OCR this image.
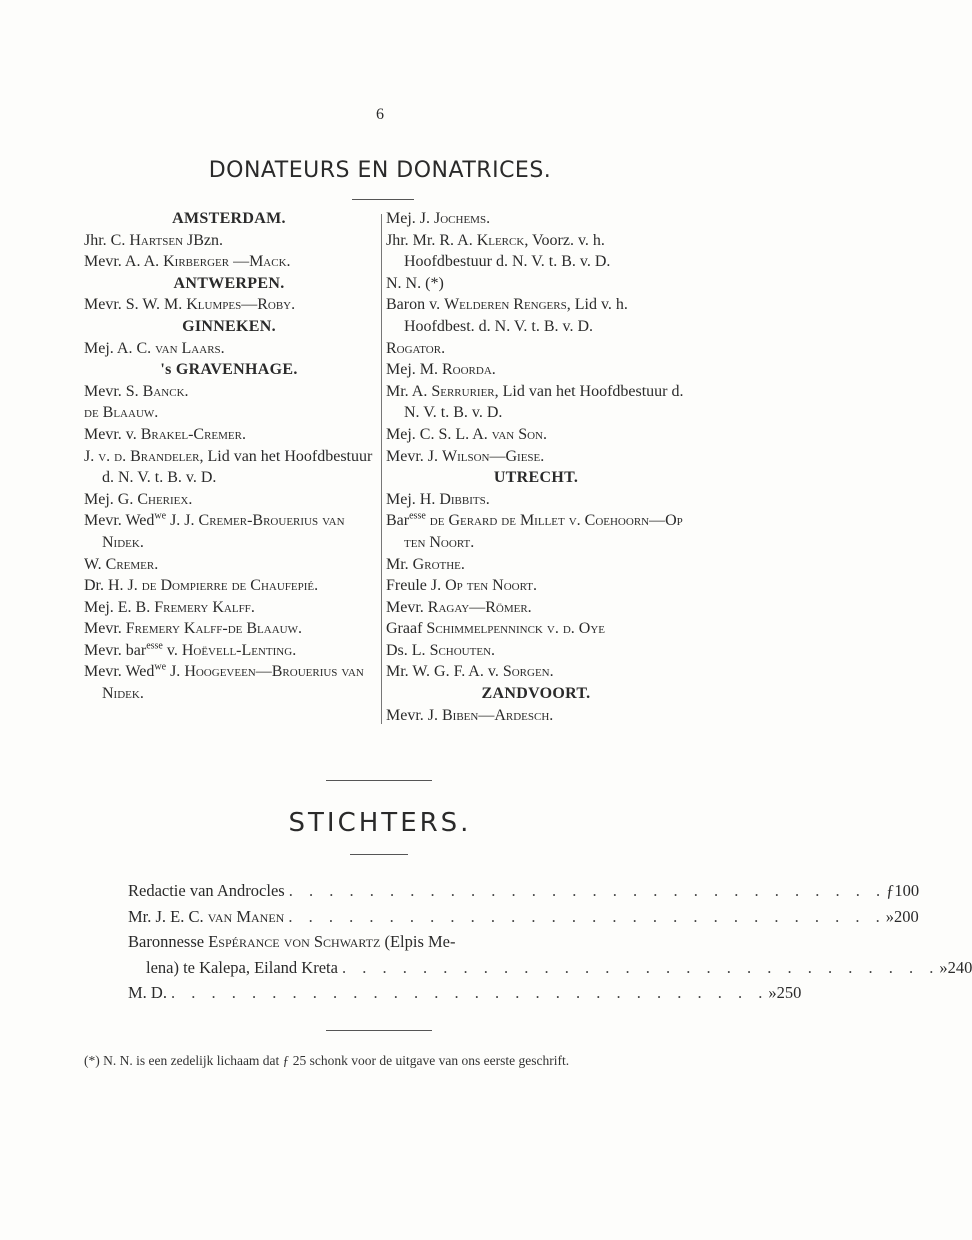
6
DONATEURS EN DONATRICES.
AMSTERDAM.
Jhr. C. Hartsen JBzn.
Mevr. A. A. Kirberger —Mack.
ANTWERPEN.
Mevr. S. W. M. Klumpes—Roby.
GINNEKEN.
Mej. A. C. van Laars.
's GRAVENHAGE.
Mevr. S. Banck.
de Blaauw.
Mevr. v. Brakel-Cremer.
J. v. d. Brandeler, Lid van het Hoofdbestuur d. N. V. t. B. v. D.
Mej. G. Cheriex.
Mevr. Wed$^{we}$ J. J. Cremer-Brouerius van Nidek.
W. Cremer.
Dr. H. J. de Dompierre de Chaufepié.
Mej. E. B. Fremery Kalff.
Mevr. Fremery Kalff-de Blaauw.
Mevr. bar$^{esse}$ v. Hoëvell-Lenting.
Mevr. Wed$^{we}$ J. Hoogeveen—Brouerius van Nidek.
Mej. J. Jochems.
Jhr. Mr. R. A. Klerck, Voorz. v. h. Hoofdbestuur d. N. V. t. B. v. D.
N. N. (*)
Baron v. Welderen Rengers, Lid v. h. Hoofdbest. d. N. V. t. B. v. D.
Rogator.
Mej. M. Roorda.
Mr. A. Serrurier, Lid van het Hoofdbestuur d. N. V. t. B. v. D.
Mej. C. S. L. A. van Son.
Mevr. J. Wilson—Giese.
UTRECHT.
Mej. H. Dibbits.
Bar$^{esse}$ de Gerard de Millet v. Coehoorn—Op ten Noort.
Mr. Grothe.
Freule J. Op ten Noort.
Mevr. Ragay—Römer.
Graaf Schimmelpenninck v. d. Oye
Ds. L. Schouten.
Mr. W. G. F. A. v. Sorgen.
ZANDVOORT.
Mevr. J. Biben—Ardesch.
STICHTERS.
Redactie van Androcles . . . . . . . . . . . . . . . . . . . . . . . . . . . . . . ƒ 100
Mr. J. E. C. van Manen . . . . . . . . . . . . . . . . . . . . . . . . . . . . . . » 200
Baronnesse Espérance von Schwartz (Elpis Me-
lena) te Kalepa, Eiland Kreta . . . . . . . . . . . . . . . . . . . . . . . . . . . . . . » 240
M. D. . . . . . . . . . . . . . . . . . . . . . . . . . . . . . . » 250
(*) N. N. is een zedelijk lichaam dat ƒ 25 schonk voor de uitgave van ons eerste geschrift.
